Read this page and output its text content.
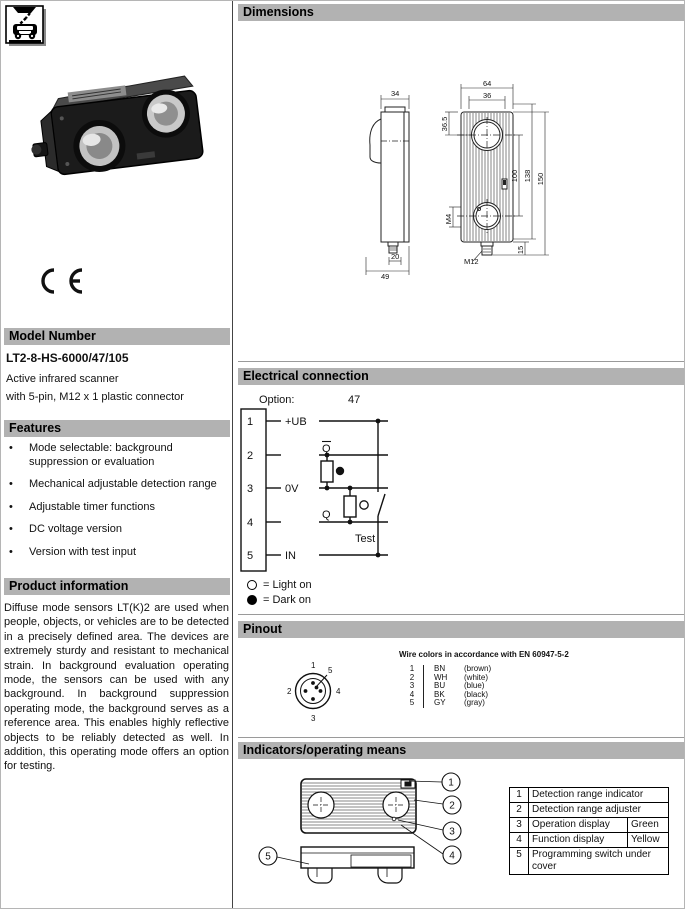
Model Number
LT2-8-HS-6000/47/105
Active infrared scanner
with 5-pin, M12 x 1 plastic connector
Features
•	Mode selectable: background suppression or evaluation
•	Mechanical adjustable detection range
•	Adjustable timer functions
•	DC voltage version
•	Version with test input
Product information
Diffuse mode sensors LT(K)2 are used when people, objects, or vehicles are to be detected in a precisely defined area. The devices are extremely sturdy and resistant to mechanical strain. In background evaluation operating mode, the sensors can be used with any background. In background suppression operating mode, the background serves as a reference area. This enables highly reflective objects to be reliably detected as well. In addition, this operating mode offers an option for testing.
Dimensions
34
64
36
36.5
100 138 150
M4
M12
20
49
15
Electrical connection
Option:	47
1
2
3
4
5
+UB
0V
IN
Q
Q
Test
= Light on
= Dark on
Pinout
1
2
3
4
5
Wire colors in accordance with EN 60947-5-2
1	BN	(brown)
2	WH	(white)
3	BU	(blue)
4	BK	(black)
5	GY	(gray)
Indicators/operating means
1
2
3
4
5
1	Detection range indicator	
2	Detection range adjuster	
3	Operation display	Green
4	Function display	Yellow
5	Programming switch under cover	
